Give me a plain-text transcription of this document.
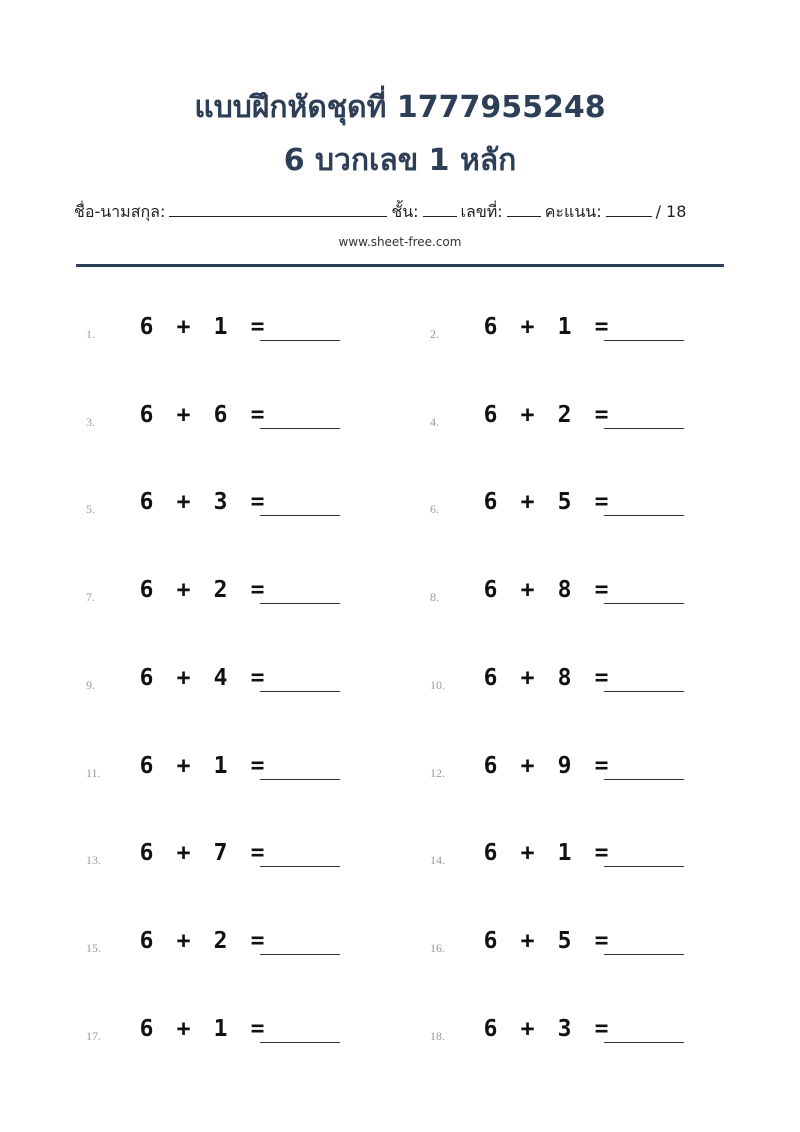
แบบฝึกหัดชุดที่ 1777955248
6 บวกเลข 1 หลัก
ชื่อ-นามสกุล:	ชั้น:	เลขที่:	คะแนน:	/ 18
www.sheet-free.com
1.	6 + 1 =	2.	6 + 1 =
3.	6 + 6 =	4.	6 + 2 =
5.	6 + 3 =	6.	6 + 5 =
7.	6 + 2 =	8.	6 + 8 =
9.	6 + 4 =	10.	6 + 8 =
11.	6 + 1 =	12.	6 + 9 =
13.	6 + 7 =	14.	6 + 1 =
15.	6 + 2 =	16.	6 + 5 =
17.	6 + 1 =	18.	6 + 3 =
